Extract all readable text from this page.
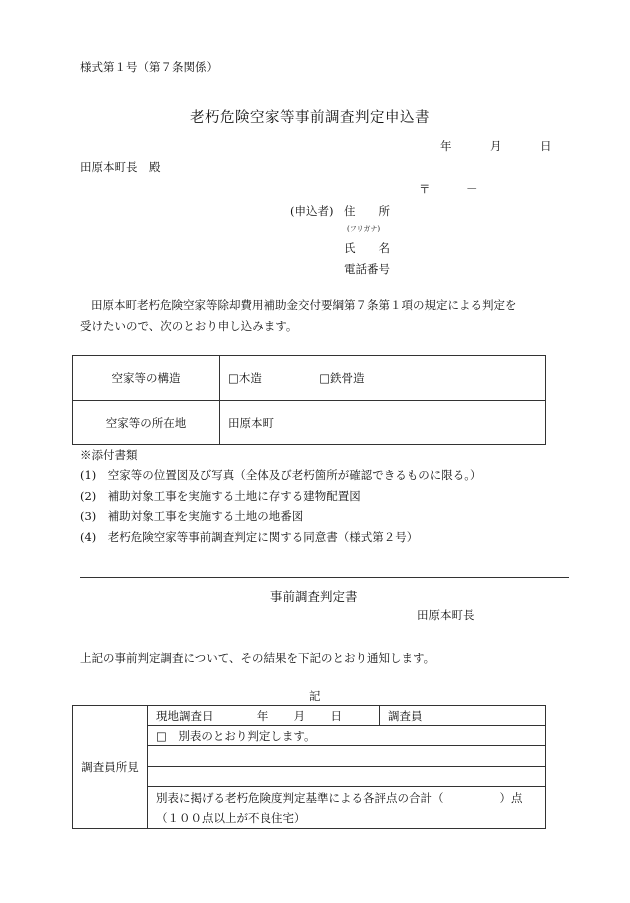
様式第１号（第７条関係）
老朽危険空家等事前調査判定申込書
年	月	日
田原本町長　殿
〒	－
(申込者) 住　　所
(フリガナ)
氏　　名
電話番号
田原本町老朽危険空家等除却費用補助金交付要綱第７条第１項の規定による判定を
受けたいので、次のとおり申し込みます。
空家等の構造	□木造 □鉄骨造
空家等の所在地	田原本町
※添付書類
(1)　空家等の位置図及び写真（全体及び老朽箇所が確認できるものに限る。）
(2)　補助対象工事を実施する土地に存する建物配置図
(3)　補助対象工事を実施する土地の地番図
(4)　老朽危険空家等事前調査判定に関する同意書（様式第２号）
事前調査判定書
田原本町長
上記の事前判定調査について、その結果を下記のとおり通知します。
記
調査員所見	現地調査日	年 月 日	調査員
□　別表のとおり判定します。

別表に掲げる老朽危険度判定基準による各評点の合計（	）点
（１００点以上が不良住宅）
